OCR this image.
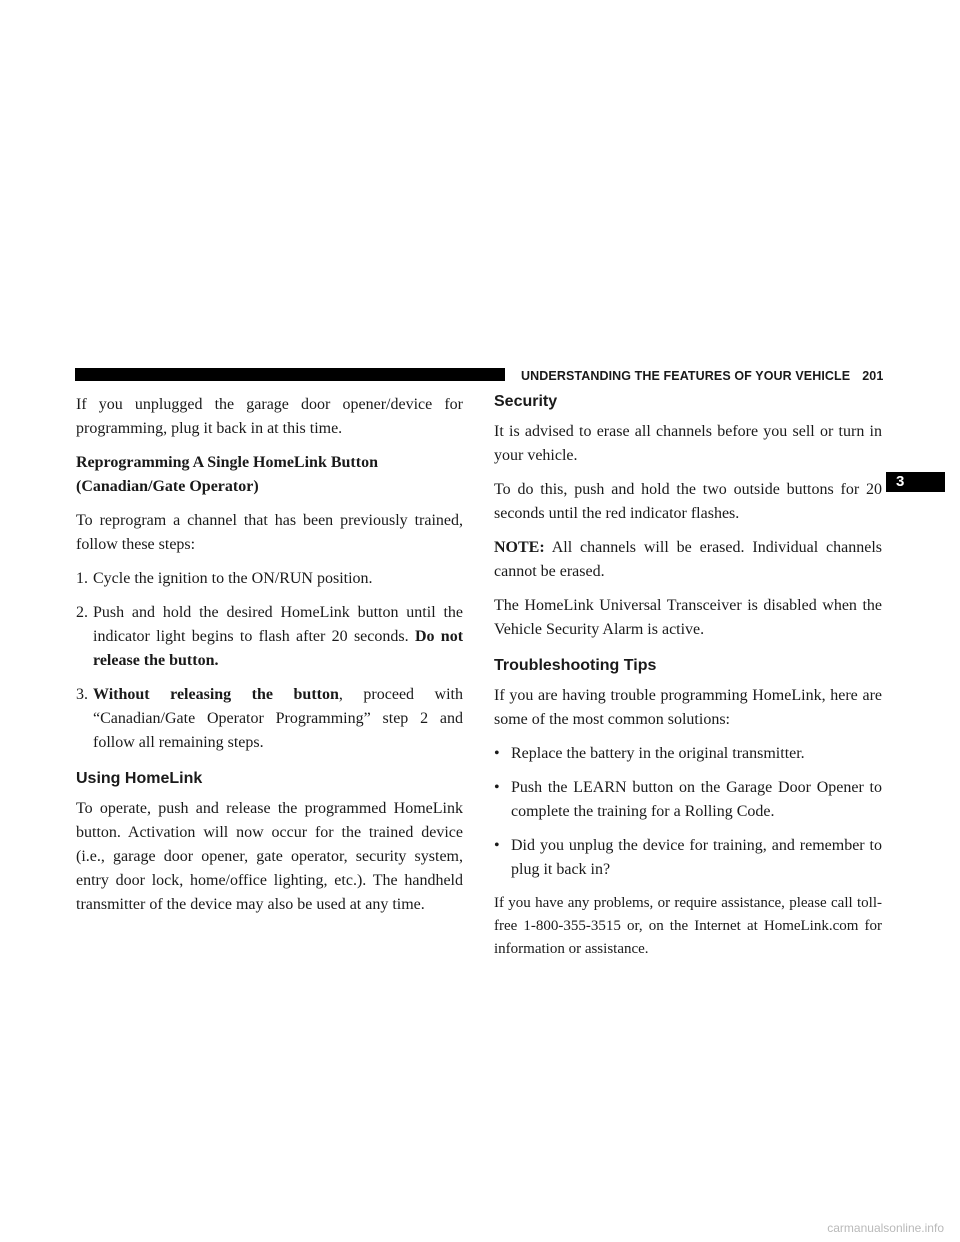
UNDERSTANDING THE FEATURES OF YOUR VEHICLE 201

If you unplugged the garage door opener/device for programming, plug it back in at this time.

Reprogramming A Single HomeLink Button
(Canadian/Gate Operator)

To reprogram a channel that has been previously trained, follow these steps:

1. Cycle the ignition to the ON/RUN position.
2. Push and hold the desired HomeLink button until the indicator light begins to flash after 20 seconds. Do not release the button.
3. Without releasing the button, proceed with “Canadian/Gate Operator Programming” step 2 and follow all remaining steps.
Using HomeLink

To operate, push and release the programmed HomeLink button. Activation will now occur for the trained device (i.e., garage door opener, gate operator, security system, entry door lock, home/office lighting, etc.). The handheld transmitter of the device may also be used at any time.

Security

It is advised to erase all channels before you sell or turn in your vehicle.

To do this, push and hold the two outside buttons for 20 seconds until the red indicator flashes.

NOTE: All channels will be erased. Individual channels cannot be erased.

The HomeLink Universal Transceiver is disabled when the Vehicle Security Alarm is active.

Troubleshooting Tips

If you are having trouble programming HomeLink, here are some of the most common solutions:

• Replace the battery in the original transmitter.
• Push the LEARN button on the Garage Door Opener to complete the training for a Rolling Code.
• Did you unplug the device for training, and remember to plug it back in?

If you have any problems, or require assistance, please call toll-free 1-800-355-3515 or, on the Internet at HomeLink.com for information or assistance.

3
carmanualsonline.info
